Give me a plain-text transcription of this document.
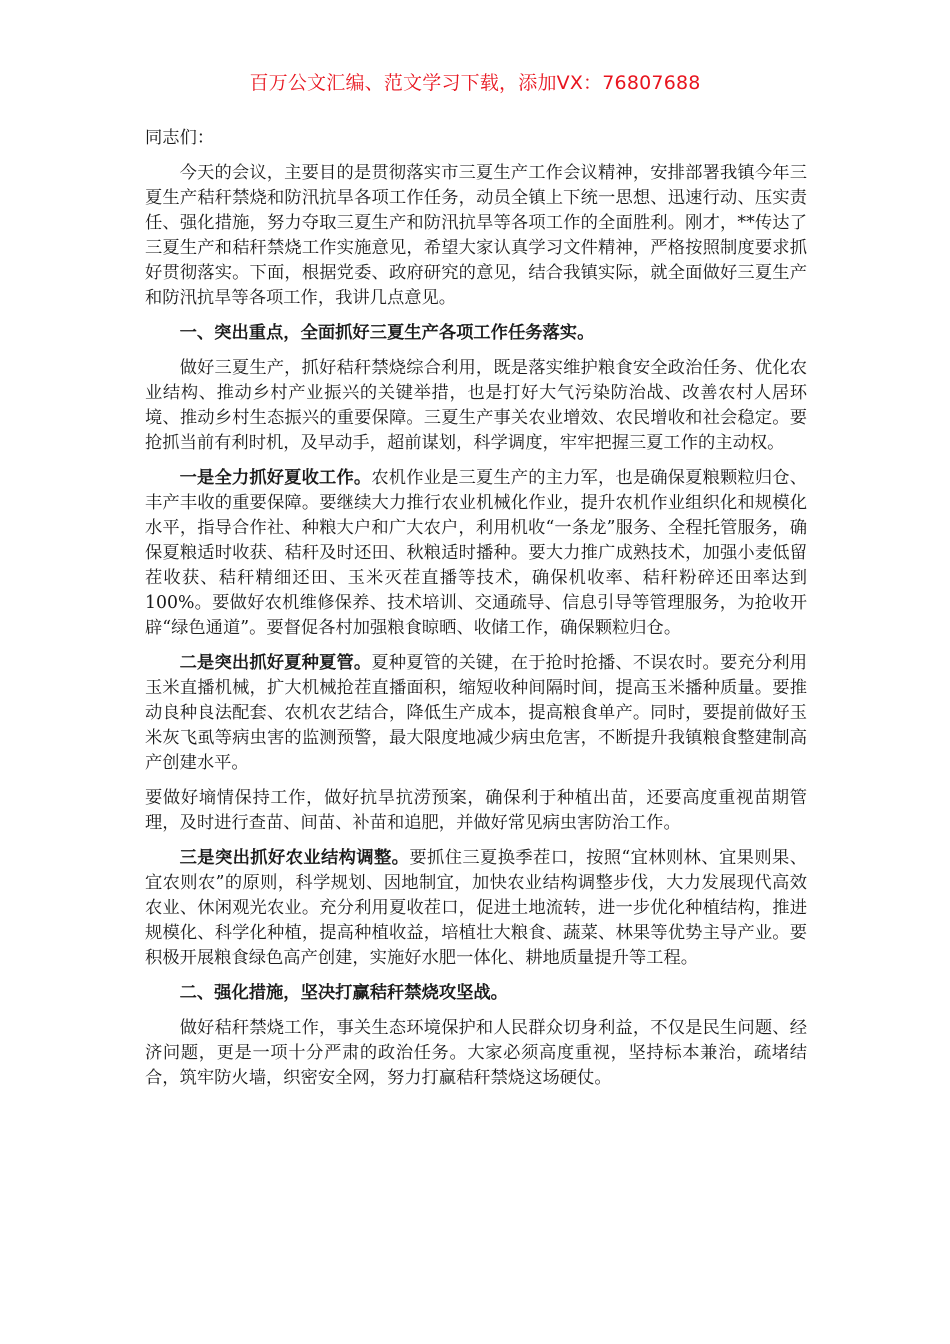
百万公文汇编、范文学习下载，添加VX：76807688

同志们：

今天的会议，主要目的是贯彻落实市三夏生产工作会议精神，安排部署我镇今年三夏生产秸秆禁烧和防汛抗旱各项工作任务，动员全镇上下统一思想、迅速行动、压实责任、强化措施，努力夺取三夏生产和防汛抗旱等各项工作的全面胜利。刚才，**传达了三夏生产和秸秆禁烧工作实施意见，希望大家认真学习文件精神，严格按照制度要求抓好贯彻落实。下面，根据党委、政府研究的意见，结合我镇实际，就全面做好三夏生产和防汛抗旱等各项工作，我讲几点意见。

一、突出重点，全面抓好三夏生产各项工作任务落实。

做好三夏生产，抓好秸秆禁烧综合利用，既是落实维护粮食安全政治任务、优化农业结构、推动乡村产业振兴的关键举措，也是打好大气污染防治战、改善农村人居环境、推动乡村生态振兴的重要保障。三夏生产事关农业增效、农民增收和社会稳定。要抢抓当前有利时机，及早动手，超前谋划，科学调度，牢牢把握三夏工作的主动权。

一是全力抓好夏收工作。农机作业是三夏生产的主力军，也是确保夏粮颗粒归仓、丰产丰收的重要保障。要继续大力推行农业机械化作业，提升农机作业组织化和规模化水平，指导合作社、种粮大户和广大农户，利用机收“一条龙”服务、全程托管服务，确保夏粮适时收获、秸秆及时还田、秋粮适时播种。要大力推广成熟技术，加强小麦低留茬收获、秸秆精细还田、玉米灭茬直播等技术，确保机收率、秸秆粉碎还田率达到100%。要做好农机维修保养、技术培训、交通疏导、信息引导等管理服务，为抢收开辟“绿色通道”。要督促各村加强粮食晾晒、收储工作，确保颗粒归仓。

二是突出抓好夏种夏管。夏种夏管的关键，在于抢时抢播、不误农时。要充分利用玉米直播机械，扩大机械抢茬直播面积，缩短收种间隔时间，提高玉米播种质量。要推动良种良法配套、农机农艺结合，降低生产成本，提高粮食单产。同时，要提前做好玉米灰飞虱等病虫害的监测预警，最大限度地减少病虫危害，不断提升我镇粮食整建制高产创建水平。

要做好墒情保持工作，做好抗旱抗涝预案，确保利于种植出苗，还要高度重视苗期管理，及时进行查苗、间苗、补苗和追肥，并做好常见病虫害防治工作。

三是突出抓好农业结构调整。要抓住三夏换季茬口，按照“宜林则林、宜果则果、宜农则农”的原则，科学规划、因地制宜，加快农业结构调整步伐，大力发展现代高效农业、休闲观光农业。充分利用夏收茬口，促进土地流转，进一步优化种植结构，推进规模化、科学化种植，提高种植收益，培植壮大粮食、蔬菜、林果等优势主导产业。要积极开展粮食绿色高产创建，实施好水肥一体化、耕地质量提升等工程。

二、强化措施，坚决打赢秸秆禁烧攻坚战。

做好秸秆禁烧工作，事关生态环境保护和人民群众切身利益，不仅是民生问题、经济问题，更是一项十分严肃的政治任务。大家必须高度重视，坚持标本兼治，疏堵结合，筑牢防火墙，织密安全网，努力打赢秸秆禁烧这场硬仗。
